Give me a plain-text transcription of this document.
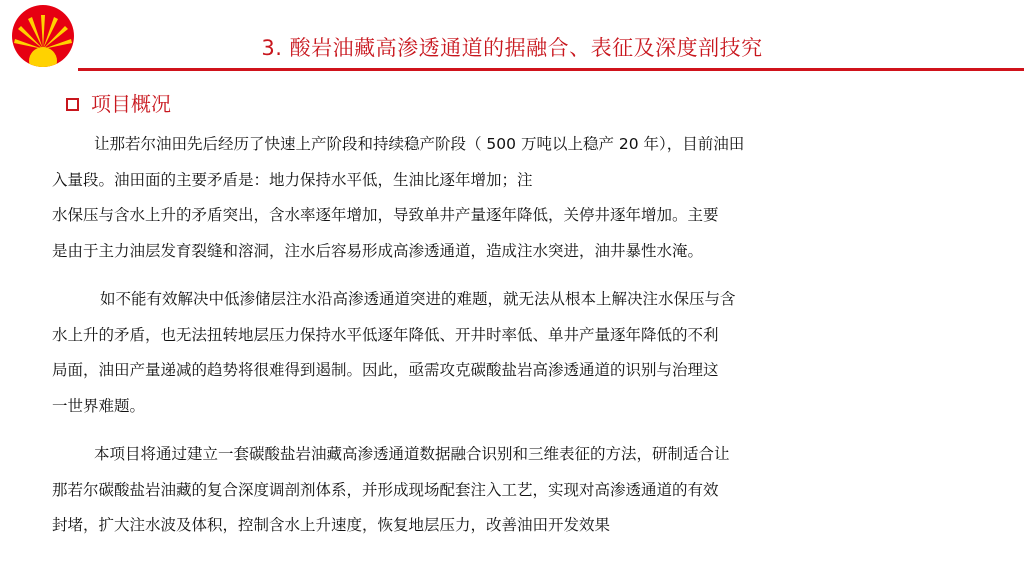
3. 酸岩油藏高渗透通道的据融合、表征及深度剖技究
项目概况
让那若尔油田先后经历了快速上产阶段和持续稳产阶段（ 500 万吨以上稳产 20 年），目前油田
入量段。油田面的主要矛盾是：地力保持水平低，生油比逐年增加；注
水保压与含水上升的矛盾突出，含水率逐年增加，导致单井产量逐年降低，关停井逐年增加。主要
是由于主力油层发育裂缝和溶洞，注水后容易形成高渗透通道，造成注水突进，油井暴性水淹。
如不能有效解决中低渗储层注水沿高渗透通道突进的难题，就无法从根本上解决注水保压与含
水上升的矛盾，也无法扭转地层压力保持水平低逐年降低、开井时率低、单井产量逐年降低的不利
局面，油田产量递减的趋势将很难得到遏制。因此，亟需攻克碳酸盐岩高渗透通道的识别与治理这
一世界难题。
本项目将通过建立一套碳酸盐岩油藏高渗透通道数据融合识别和三维表征的方法，研制适合让
那若尔碳酸盐岩油藏的复合深度调剖剂体系，并形成现场配套注入工艺，实现对高渗透通道的有效
封堵，扩大注水波及体积，控制含水上升速度，恢复地层压力，改善油田开发效果
